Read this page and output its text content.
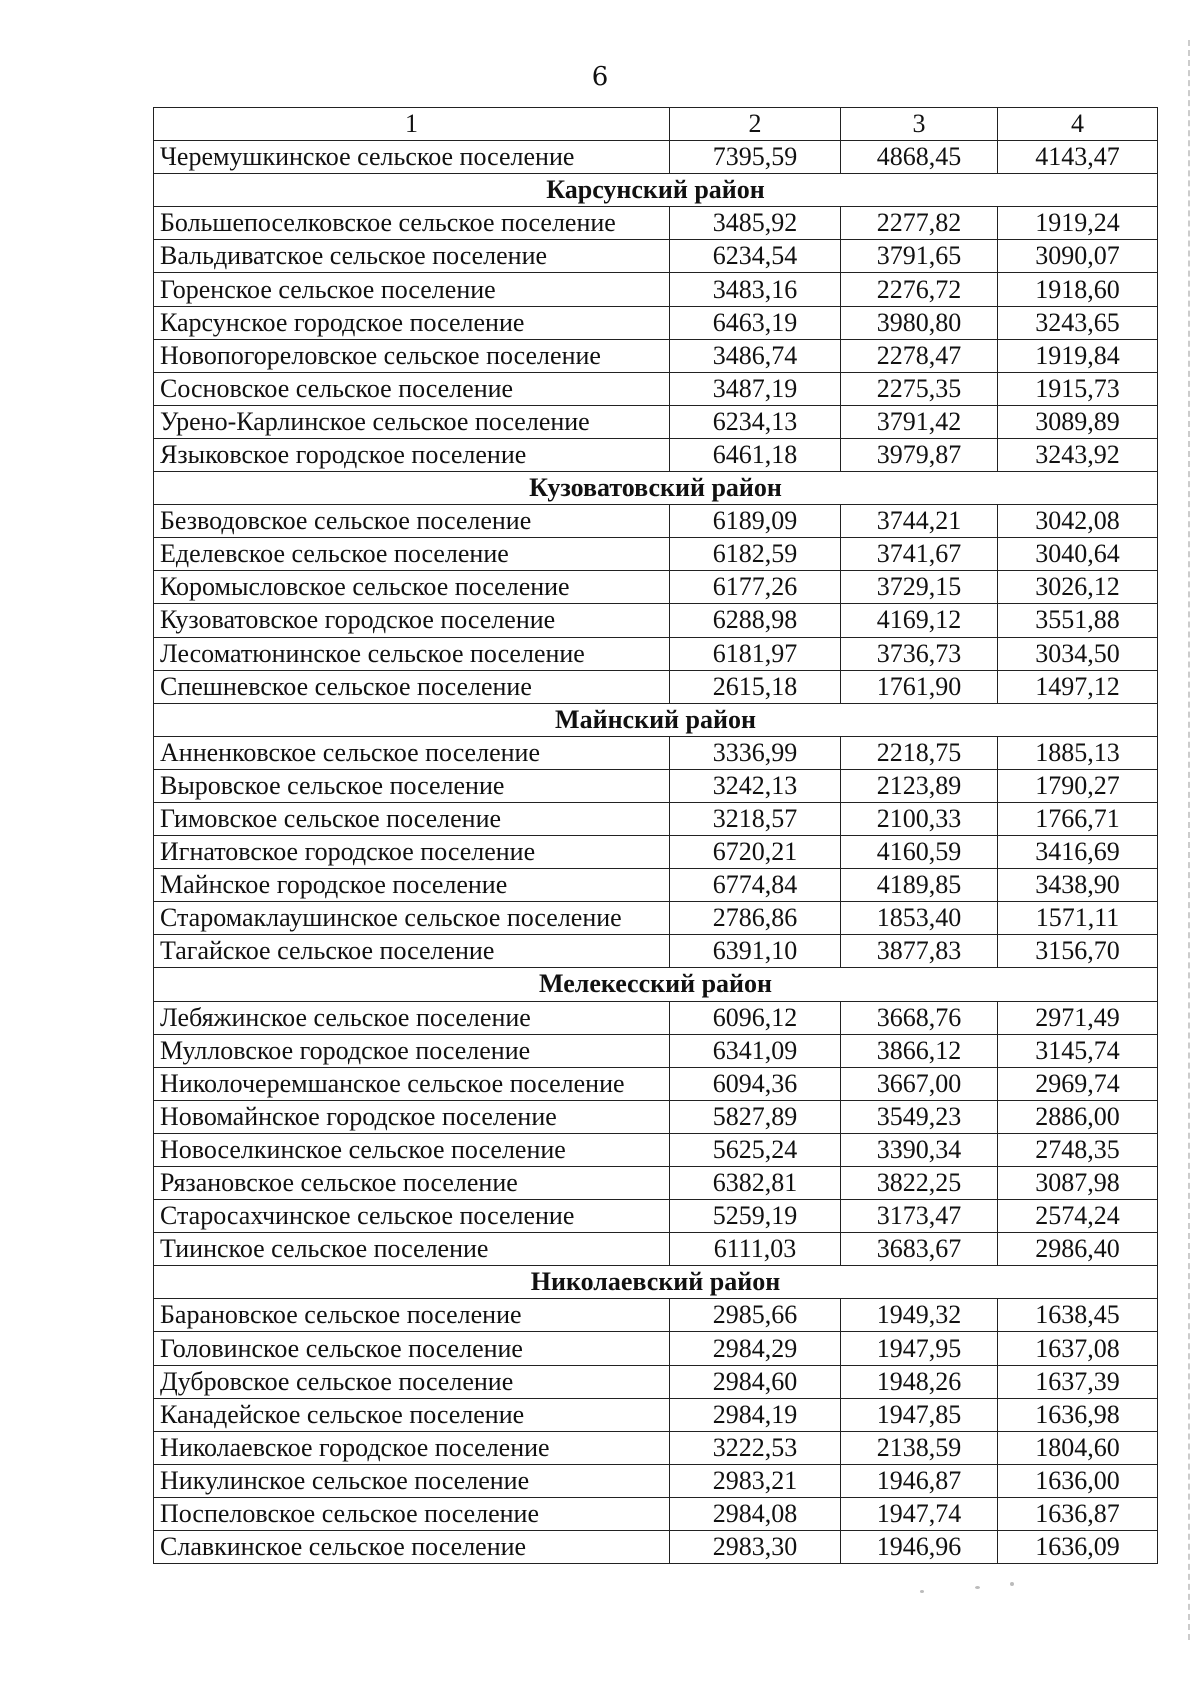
6
1	2	3	4
Черемушкинское сельское поселение	7395,59	4868,45	4143,47
Карсунский район			
Большепоселковское сельское поселение	3485,92	2277,82	1919,24
Вальдиватское сельское поселение	6234,54	3791,65	3090,07
Горенское сельское поселение	3483,16	2276,72	1918,60
Карсунское городское поселение	6463,19	3980,80	3243,65
Новопогореловское сельское поселение	3486,74	2278,47	1919,84
Сосновское сельское поселение	3487,19	2275,35	1915,73
Урено-Карлинское сельское поселение	6234,13	3791,42	3089,89
Языковское городское поселение	6461,18	3979,87	3243,92
Кузоватовский район			
Безводовское сельское поселение	6189,09	3744,21	3042,08
Еделевское сельское поселение	6182,59	3741,67	3040,64
Коромысловское сельское поселение	6177,26	3729,15	3026,12
Кузоватовское городское поселение	6288,98	4169,12	3551,88
Лесоматюнинское сельское поселение	6181,97	3736,73	3034,50
Спешневское сельское поселение	2615,18	1761,90	1497,12
Майнский район			
Анненковское сельское поселение	3336,99	2218,75	1885,13
Выровское сельское поселение	3242,13	2123,89	1790,27
Гимовское сельское поселение	3218,57	2100,33	1766,71
Игнатовское городское поселение	6720,21	4160,59	3416,69
Майнское городское поселение	6774,84	4189,85	3438,90
Старомаклаушинское сельское поселение	2786,86	1853,40	1571,11
Тагайское сельское поселение	6391,10	3877,83	3156,70
Мелекесский район			
Лебяжинское сельское поселение	6096,12	3668,76	2971,49
Мулловское городское поселение	6341,09	3866,12	3145,74
Николочеремшанское сельское поселение	6094,36	3667,00	2969,74
Новомайнское городское поселение	5827,89	3549,23	2886,00
Новоселкинское сельское поселение	5625,24	3390,34	2748,35
Рязановское сельское поселение	6382,81	3822,25	3087,98
Старосахчинское сельское поселение	5259,19	3173,47	2574,24
Тиинское сельское поселение	6111,03	3683,67	2986,40
Николаевский район			
Барановское сельское поселение	2985,66	1949,32	1638,45
Головинское сельское поселение	2984,29	1947,95	1637,08
Дубровское сельское поселение	2984,60	1948,26	1637,39
Канадейское сельское поселение	2984,19	1947,85	1636,98
Николаевское городское поселение	3222,53	2138,59	1804,60
Никулинское сельское поселение	2983,21	1946,87	1636,00
Поспеловское сельское поселение	2984,08	1947,74	1636,87
Славкинское сельское поселение	2983,30	1946,96	1636,09
